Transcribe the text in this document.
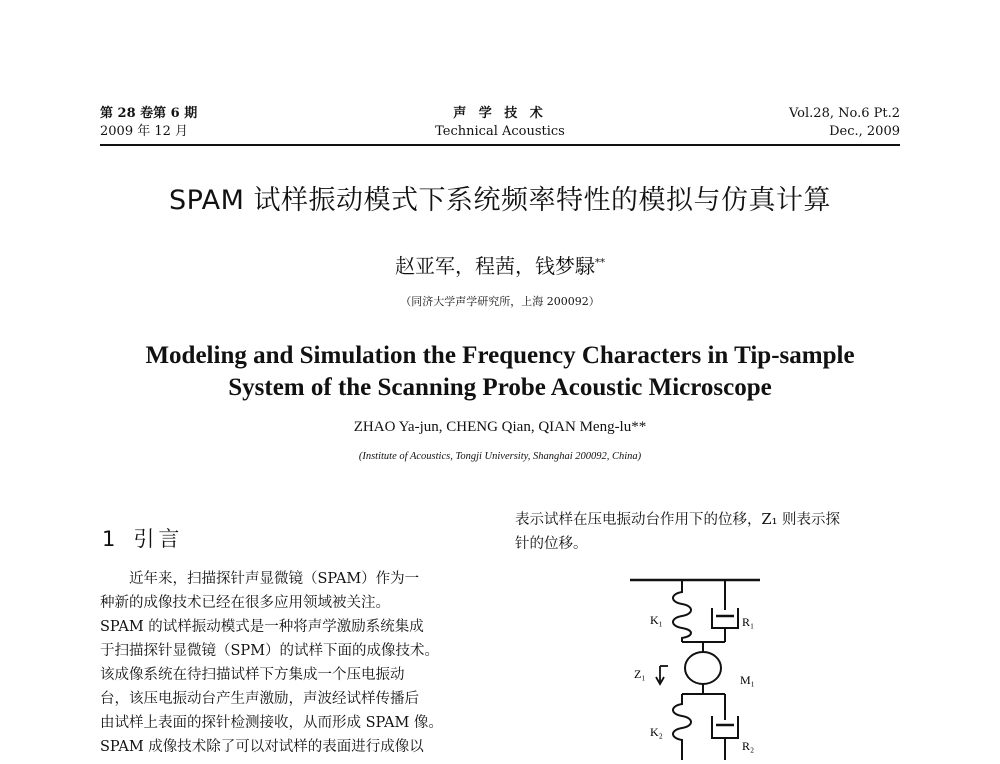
第 28 卷第 6 期
2009 年 12 月
声 学 技 术
Technical Acoustics
Vol.28, No.6 Pt.2
Dec., 2009
SPAM 试样振动模式下系统频率特性的模拟与仿真计算
赵亚军，程茜，钱梦騄**
（同济大学声学研究所，上海 200092）
Modeling and Simulation the Frequency Characters in Tip-sample
System of the Scanning Probe Acoustic Microscope
ZHAO Ya-jun, CHENG Qian, QIAN Meng-lu**
(Institute of Acoustics, Tongji University, Shanghai 200092, China)
1 引言
近年来，扫描探针声显微镜（SPAM）作为一
种新的成像技术已经在很多应用领域被关注。
SPAM 的试样振动模式是一种将声学激励系统集成
于扫描探针显微镜（SPM）的试样下面的成像技术。
该成像系统在待扫描试样下方集成一个压电振动
台，该压电振动台产生声激励，声波经试样传播后
由试样上表面的探针检测接收，从而形成 SPAM 像。
SPAM 成像技术除了可以对试样的表面进行成像以
表示试样在压电振动台作用下的位移，Z₁ 则表示探
针的位移。
K₁	R₁
Z₁	M₁
K₂
R₂
